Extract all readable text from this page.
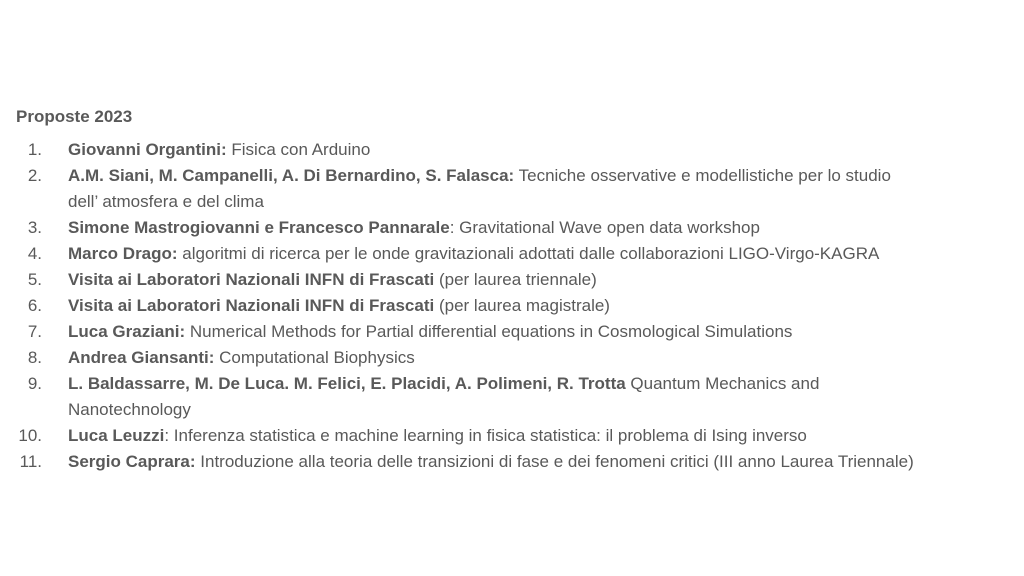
Proposte 2023
1. Giovanni Organtini: Fisica con Arduino
2. A.M. Siani, M. Campanelli, A. Di Bernardino, S. Falasca: Tecniche osservative e modellistiche per lo studio
dell’ atmosfera e del clima
3. Simone Mastrogiovanni e Francesco Pannarale: Gravitational Wave open data workshop
4. Marco Drago: algoritmi di ricerca per le onde gravitazionali adottati dalle collaborazioni LIGO-Virgo-KAGRA
5. Visita ai Laboratori Nazionali INFN di Frascati (per laurea triennale)
6. Visita ai Laboratori Nazionali INFN di Frascati (per laurea magistrale)
7. Luca Graziani: Numerical Methods for Partial differential equations in Cosmological Simulations
8. Andrea Giansanti: Computational Biophysics
9. L. Baldassarre, M. De Luca. M. Felici, E. Placidi, A. Polimeni, R. Trotta Quantum Mechanics and
Nanotechnology
10. Luca Leuzzi: Inferenza statistica e machine learning in fisica statistica: il problema di Ising inverso
11. Sergio Caprara: Introduzione alla teoria delle transizioni di fase e dei fenomeni critici (III anno Laurea Triennale)
